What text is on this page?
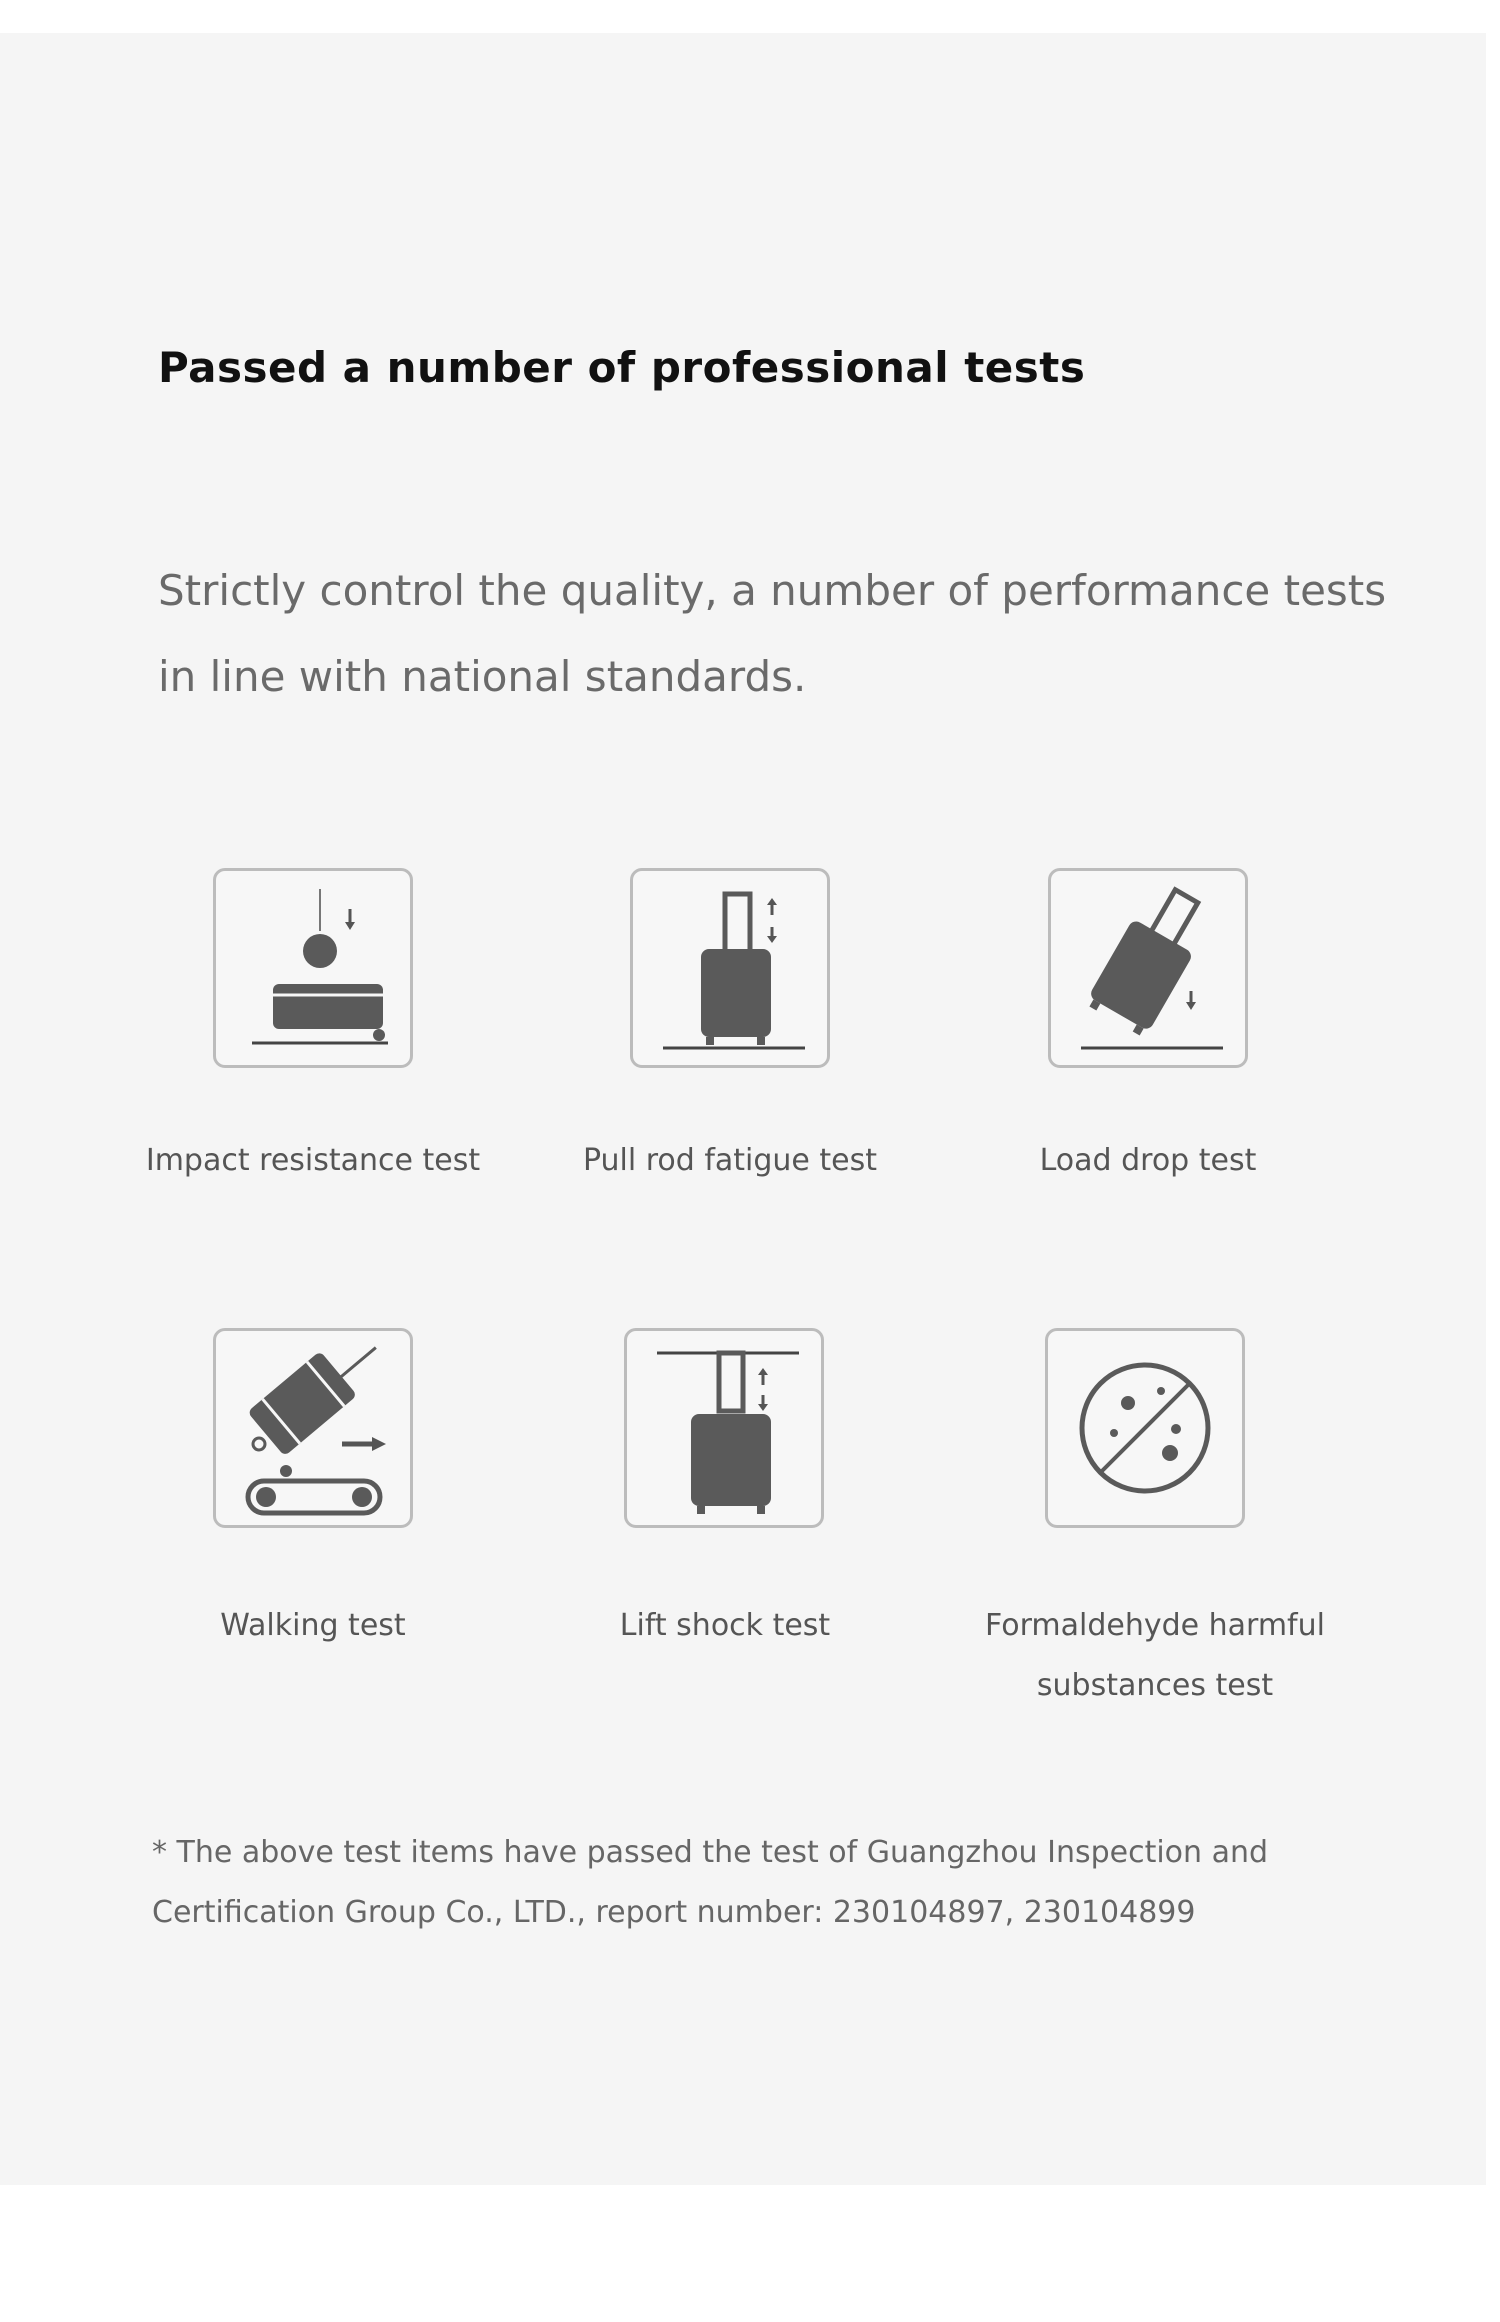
Passed a number of professional tests

Strictly control the quality, a number of performance tests in line with national standards.

Impact resistance test	Pull rod fatigue test	Load drop test
Walking test	Lift shock test	Formaldehyde harmful substances test

* The above test items have passed the test of Guangzhou Inspection and Certification Group Co., LTD., report number: 230104897, 230104899
